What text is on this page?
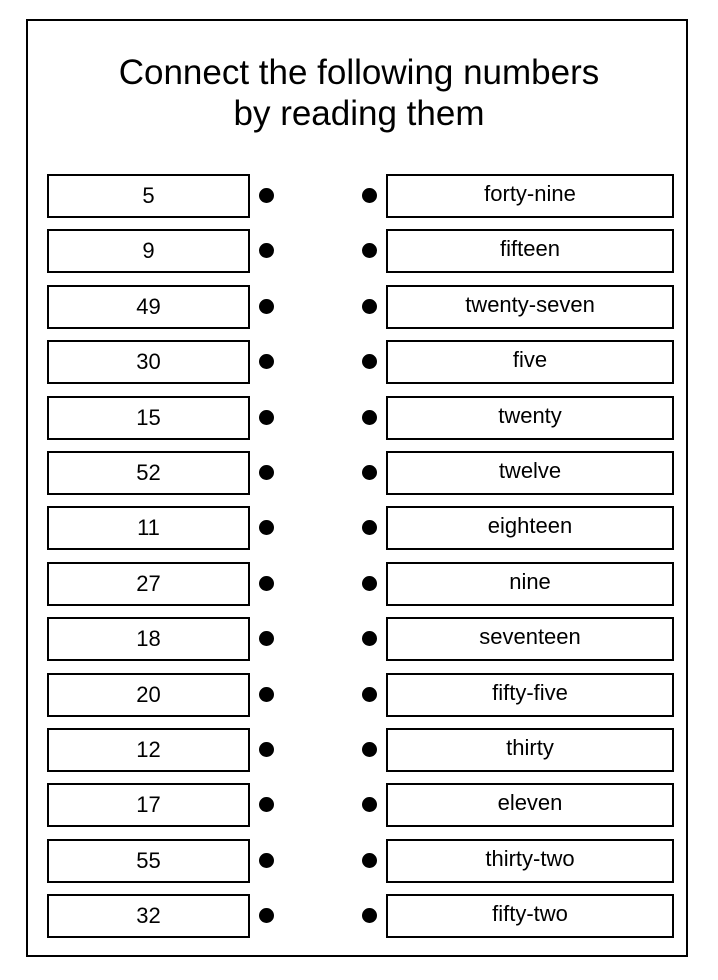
Connect the following numbers
by reading them
5	forty-nine
9	fifteen
49	twenty-seven
30	five
15	twenty
52	twelve
11	eighteen
27	nine
18	seventeen
20	fifty-five
12	thirty
17	eleven
55	thirty-two
32	fifty-two
